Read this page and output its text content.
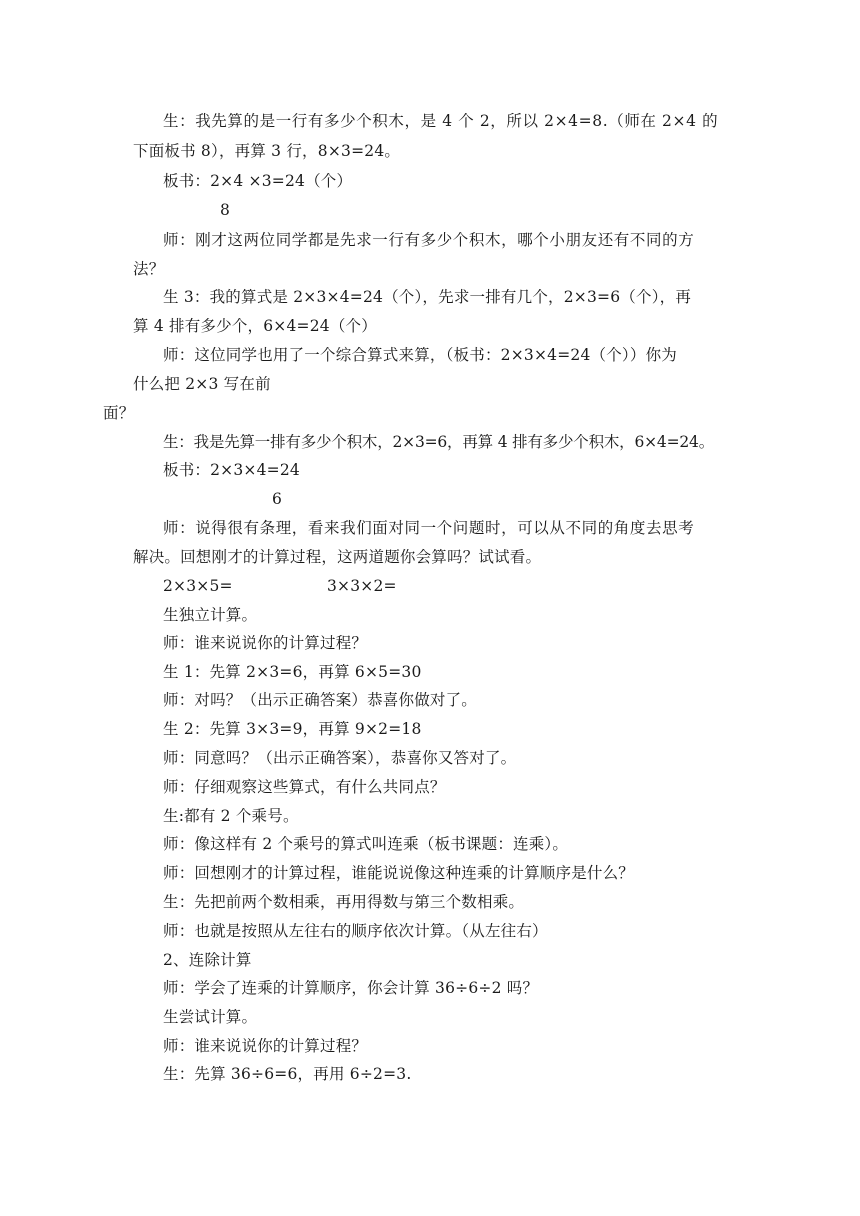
生：我先算的是一行有多少个积木，是 4 个 2，所以 2×4=8.（师在 2×4 的
下面板书 8），再算 3 行，8×3=24。
板书：2×4 ×3=24（个）
8
师：刚才这两位同学都是先求一行有多少个积木，哪个小朋友还有不同的方
法？
生 3：我的算式是 2×3×4=24（个），先求一排有几个，2×3=6（个），再
算 4 排有多少个，6×4=24（个）
师：这位同学也用了一个综合算式来算，（板书：2×3×4=24（个））你为
什么把 2×3 写在前
面？
生：我是先算一排有多少个积木，2×3=6，再算 4 排有多少个积木，6×4=24。
板书：2×3×4=24
6
师：说得很有条理，看来我们面对同一个问题时，可以从不同的角度去思考
解决。回想刚才的计算过程，这两道题你会算吗？试试看。
2×3×5=	3×3×2=
生独立计算。
师：谁来说说你的计算过程？
生 1：先算 2×3=6，再算 6×5=30
师：对吗？（出示正确答案）恭喜你做对了。
生 2：先算 3×3=9，再算 9×2=18
师：同意吗？（出示正确答案），恭喜你又答对了。
师：仔细观察这些算式，有什么共同点？
生:都有 2 个乘号。
师：像这样有 2 个乘号的算式叫连乘（板书课题：连乘）。
师：回想刚才的计算过程，谁能说说像这种连乘的计算顺序是什么？
生：先把前两个数相乘，再用得数与第三个数相乘。
师：也就是按照从左往右的顺序依次计算。（从左往右）
2、连除计算
师：学会了连乘的计算顺序，你会计算 36÷6÷2 吗？
生尝试计算。
师：谁来说说你的计算过程？
生：先算 36÷6=6，再用 6÷2=3.
